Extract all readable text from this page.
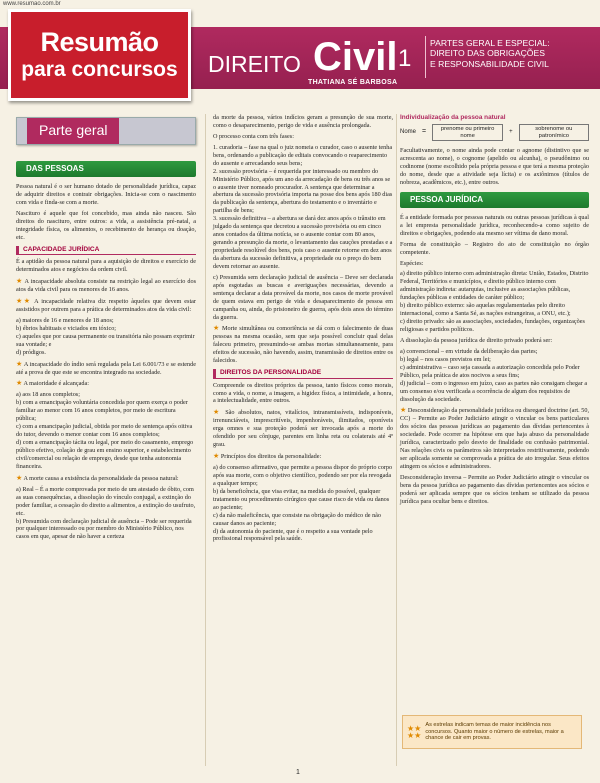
www.resumao.com.br
Resumão
para concursos	DIREITO Civil 1
THATIANA SÉ BARBOSA
PARTES GERAL E ESPECIAL:
DIREITO DAS OBRIGAÇÕES
E RESPONSABILIDADE CIVIL
Parte geral
DAS PESSOAS

Pessoa natural é o ser humano dotado de personalidade jurídica, capaz de adquirir direitos e contrair obrigações. Inicia-se com o nascimento com vida e finda-se com a morte.

Nascituro é aquele que foi concebido, mas ainda não nasceu. São direitos do nascituro, entre outros: a vida, a assistência pré-natal, a integridade física, os alimentos, o recebimento de herança ou doação, etc.

CAPACIDADE JURÍDICA

É a aptidão da pessoa natural para a aquisição de direitos e exercício de determinados atos e negócios da ordem civil.

★ A incapacidade absoluta consiste na restrição legal ao exercício dos atos da vida civil para os menores de 16 anos.

★★ A incapacidade relativa diz respeito àqueles que devem estar assistidos por outrem para a prática de determinados atos da vida civil:

a) maiores de 16 e menores de 18 anos;
b) ébrios habituais e viciados em tóxico;
c) aqueles que por causa permanente ou transitória não possam exprimir sua vontade; e
d) pródigos.

★ A incapacidade do índio será regulada pela Lei 6.001/73 e se estende até a prova de que este se encontra integrado na sociedade.

★ A maioridade é alcançada:

a) aos 18 anos completos;
b) com a emancipação voluntária concedida por quem exerça o poder familiar ao menor com 16 anos completos, por meio de escritura pública;
c) com a emancipação judicial, obtida por meio de sentença após oitiva do tutor, devendo o menor contar com 16 anos completos;
d) com a emancipação tácita ou legal, por meio do casamento, emprego público efetivo, colação de grau em ensino superior, e estabelecimento civil/comercial ou relação de emprego, desde que tenha autonomia financeira.

★ A morte causa a existência da personalidade da pessoa natural:

a) Real – É a morte comprovada por meio de um atestado de óbito, com as suas consequências, a dissolução do vínculo conjugal, a extinção do poder familiar, a cessação do direito a alimentos, a extinção do usufruto, etc.
b) Presumida com declaração judicial de ausência – Pode ser requerida por qualquer interessado ou por membro do Ministério Público, nos casos em que, apesar de não haver a certeza

da morte da pessoa, vários indícios geram a presunção de sua morte, como o desaparecimento, perigo de vida e ausência prolongada.

O processo conta com três fases:

1. curadoria – fase na qual o juiz nomeia o curador, caso o ausente tenha bens, ordenando a publicação de editais convocando o reaparecimento do ausente e arrecadando seus bens;
2. sucessão provisória – é requerida por interessado ou membro do Ministério Público, após um ano da arrecadação de bens ou três anos se o ausente tiver nomeado procurador. A sentença que determinar a abertura da sucessão provisória importa na posse dos bens após 180 dias da publicação da sentença, abertura do testamento e o inventário e partilha de bens;
3. sucessão definitiva – a abertura se dará dez anos após o trânsito em julgado da sentença que decretou a sucessão provisória ou em cinco anos contados da última notícia, se o ausente contar com 80 anos, gerando a presunção da morte, o levantamento das cauções prestadas e a propriedade resolúvel dos bens, pois caso o ausente retorne em dez anos da abertura da sucessão definitiva, a propriedade ou o preço do bem devem retornar ao ausente.

c) Presumida sem declaração judicial de ausência – Deve ser declarada após esgotadas as buscas e averiguações necessárias, devendo a sentença declarar a data provável da morte, nos casos de morte provável de quem estava em perigo de vida e desaparecimento de pessoa em campanha ou, ainda, do prisioneiro de guerra, após dois anos do término da guerra.

★ Morte simultânea ou comoriência se dá com o falecimento de duas pessoas na mesma ocasião, sem que seja possível concluir qual delas faleceu primeiro, presumindo-se ambas mortas simultaneamente, para efeitos de sucessão, não havendo, assim, transmissão de direitos entre os falecidos.

DIREITOS DA PERSONALIDADE

Compreende os direitos próprios da pessoa, tanto físicos como morais, como a vida, o nome, a imagem, a higidez física, a intimidade, a honra, a intelectualidade, entre outros.

★ São absolutos, natos, vitalícios, intransmissíveis, indisponíveis, irrenunciáveis, imprescritíveis, impenhoráveis, ilimitados, oponíveis erga omnes e sua proteção poderá ser invocada após a morte do ofendido por seu cônjuge, parentes em linha reta ou colaterais até 4º grau.

★ Princípios dos direitos da personalidade:

a) do consenso afirmativo, que permite a pessoa dispor do próprio corpo após sua morte, com o objetivo científico, podendo ser por ela revogada a qualquer tempo;
b) da beneficência, que visa evitar, na medida do possível, qualquer tratamento ou procedimento cirúrgico que cause risco de vida ou danos ao paciente;
c) da não maleficência, que consiste na obrigação do médico de não causar danos ao paciente;
d) da autonomia do paciente, que é o respeito a sua vontade pelo profissional responsável pela saúde.
Individualização da pessoa natural
Nome =	prenome ou primeiro nome
+	sobrenome ou patronímico

Facultativamente, o nome ainda pode contar o agnome (distintivo que se acrescenta ao nome), o cognome (apelido ou alcunha), o pseudônimo ou codinome (nome escolhido pela própria pessoa e que terá a mesma proteção do nome, desde que a atividade seja lícita) e os axiônimos (títulos de nobreza, acadêmicos, etc.), entre outros.

PESSOA JURÍDICA

É a entidade formada por pessoas naturais ou outras pessoas jurídicas à qual a lei empresta personalidade jurídica, reconhecendo-a como sujeito de direitos e obrigações, podendo ata mesmo ser vítima de dano moral.

Forma de constituição – Registro do ato de constituição no órgão competente.

Espécies:

a) direito público interno com administração direta: União, Estados, Distrito Federal, Territórios e municípios, e direito público interno com administração indireta: autarquias, inclusive as associações públicas, fundações públicas e entidades de caráter público;
b) direito público externo: são aquelas regulamentadas pelo direito internacional, como a Santa Sé, as nações estrangeiras, a ONU, etc.);
c) direito privado: são as associações, sociedades, fundações, organizações religiosas e partidos políticos.

A dissolução da pessoa jurídica de direito privado poderá ser:

a) convencional – em virtude da deliberação das partes;
b) legal – nos casos previstos em lei;
c) administrativa – caso seja cassada a autorização concedida pelo Poder Público, pela prática de atos nocivos a seus fins;
d) judicial – com o ingresso em juízo, caso as partes não consigam chegar a um consenso e/ou verificada a ocorrência de algum dos requisitos de dissolução da sociedade.

★ Desconsideração da personalidade jurídica ou disregard doctrine (art. 50, CC) – Permite ao Poder Judiciário atingir o vincular os bens particulares dos sócios das pessoas jurídicas ao pagamento das dívidas pertencentes à sociedade. Pode ocorrer na hipótese em que haja abuso da personalidade jurídica, caracterizado pelo desvio de finalidade ou confusão patrimonial. Nas relações civis os parâmetros são interpretados restritivamente, podendo ser aplicada somente se comprovada a prática de ato irregular. Seus efeitos atingem os sócios e administradores.

Desconsideração inversa – Permite ao Poder Judiciário atingir o vincular os bens da pessoa jurídica ao pagamento das dívidas pertencentes aos sócios e poderá ser aplicada sempre que os sócios tenham se utilizado da pessoa jurídica para ocultar bens e direitos.

★★
★★
As estrelas indicam temas de maior incidência nos concursos. Quanto maior o número de estrelas, maior a chance de cair em provas.
1
